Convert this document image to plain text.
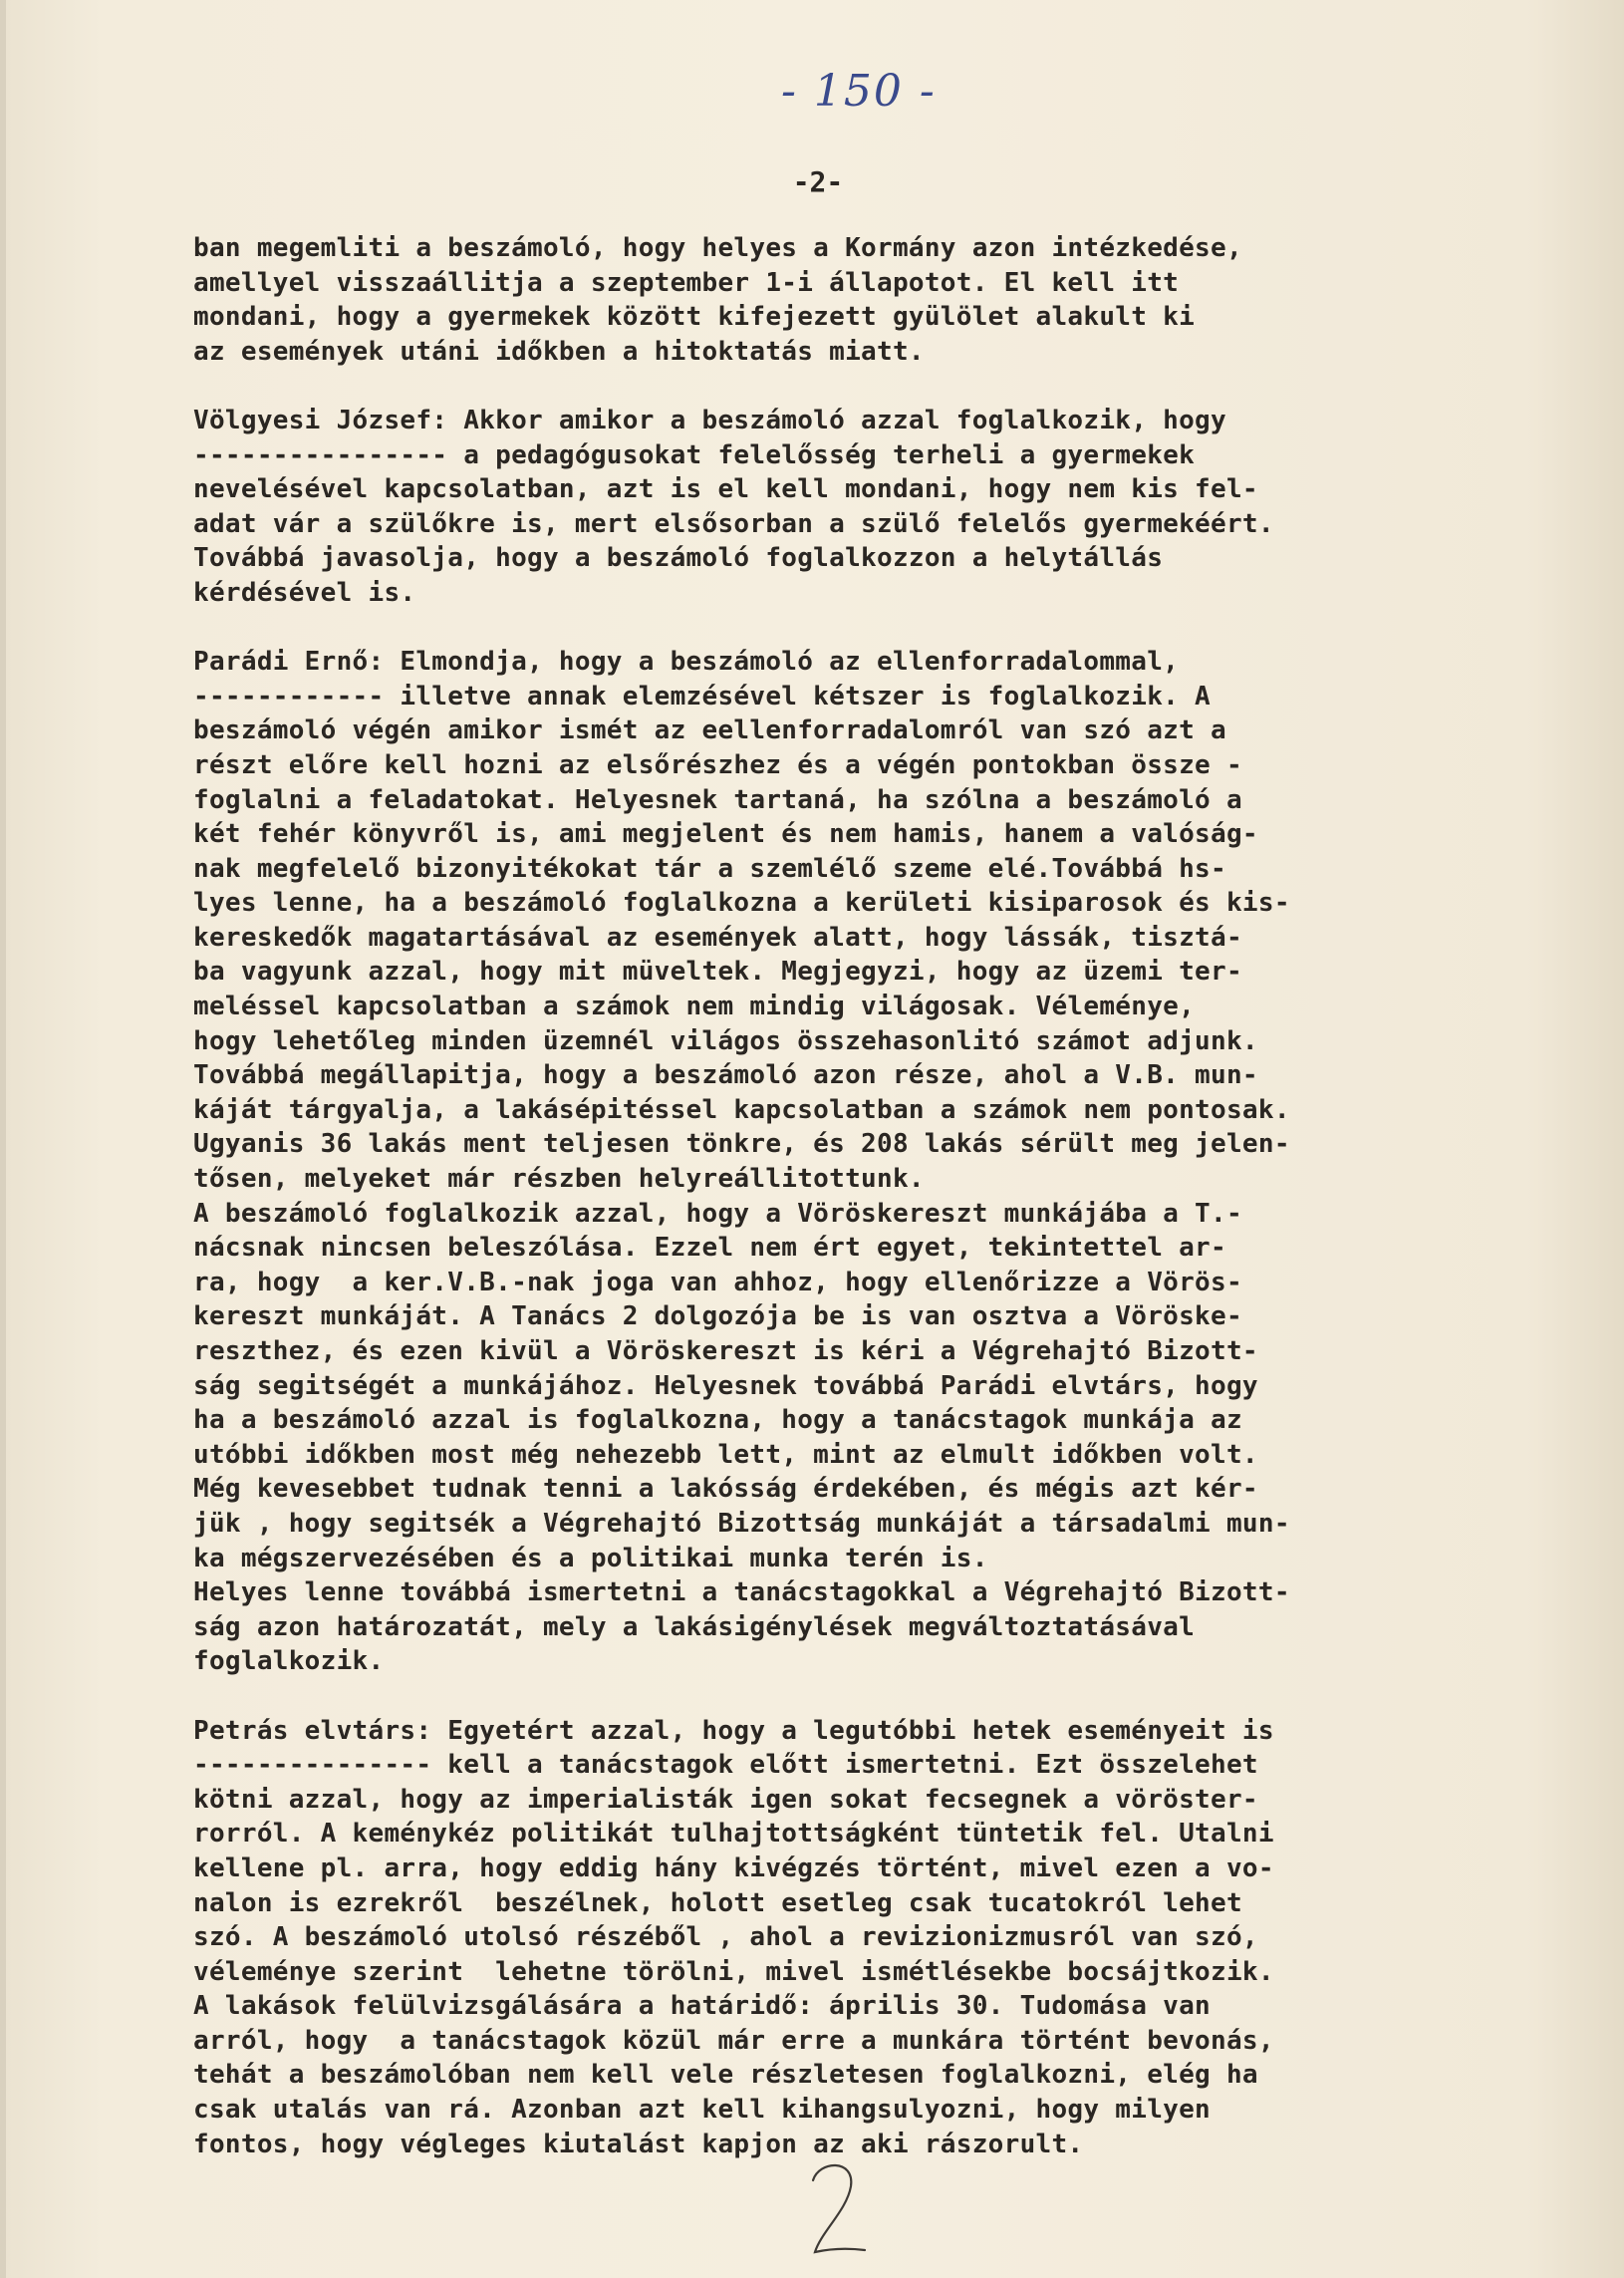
- 150 -
-2-
ban megemliti a beszámoló, hogy helyes a Kormány azon intézkedése,
amellyel visszaállitja a szeptember 1-i állapotot. El kell itt
mondani, hogy a gyermekek között kifejezett gyülölet alakult ki
az események utáni időkben a hitoktatás miatt.
Völgyesi József: Akkor amikor a beszámoló azzal foglalkozik, hogy
---------------- a pedagógusokat felelősség terheli a gyermekek
nevelésével kapcsolatban, azt is el kell mondani, hogy nem kis fel-
adat vár a szülőkre is, mert elsősorban a szülő felelős gyermekéért.
Továbbá javasolja, hogy a beszámoló foglalkozzon a helytállás
kérdésével is.
Parádi Ernő: Elmondja, hogy a beszámoló az ellenforradalommal,
------------ illetve annak elemzésével kétszer is foglalkozik. A
beszámoló végén amikor ismét az eellenforradalomról van szó azt a
részt előre kell hozni az elsőrészhez és a végén pontokban össze -
foglalni a feladatokat. Helyesnek tartaná, ha szólna a beszámoló a
két fehér könyvről is, ami megjelent és nem hamis, hanem a valóság-
nak megfelelő bizonyitékokat tár a szemlélő szeme elé.Továbbá hs-
lyes lenne, ha a beszámoló foglalkozna a kerületi kisiparosok és kis-
kereskedők magatartásával az események alatt, hogy lássák, tisztá-
ba vagyunk azzal, hogy mit müveltek. Megjegyzi, hogy az üzemi ter-
meléssel kapcsolatban a számok nem mindig világosak. Véleménye,
hogy lehetőleg minden üzemnél világos összehasonlitó számot adjunk.
Továbbá megállapitja, hogy a beszámoló azon része, ahol a V.B. mun-
káját tárgyalja, a lakásépitéssel kapcsolatban a számok nem pontosak.
Ugyanis 36 lakás ment teljesen tönkre, és 208 lakás sérült meg jelen-
tősen, melyeket már részben helyreállitottunk.
A beszámoló foglalkozik azzal, hogy a Vöröskereszt munkájába a T.-
nácsnak nincsen beleszólása. Ezzel nem ért egyet, tekintettel ar-
ra, hogy  a ker.V.B.-nak joga van ahhoz, hogy ellenőrizze a Vörös-
kereszt munkáját. A Tanács 2 dolgozója be is van osztva a Vöröske-
reszthez, és ezen kivül a Vöröskereszt is kéri a Végrehajtó Bizott-
ság segitségét a munkájához. Helyesnek továbbá Parádi elvtárs, hogy
ha a beszámoló azzal is foglalkozna, hogy a tanácstagok munkája az
utóbbi időkben most még nehezebb lett, mint az elmult időkben volt.
Még kevesebbet tudnak tenni a lakósság érdekében, és mégis azt kér-
jük , hogy segitsék a Végrehajtó Bizottság munkáját a társadalmi mun-
ka mégszervezésében és a politikai munka terén is.
Helyes lenne továbbá ismertetni a tanácstagokkal a Végrehajtó Bizott-
ság azon határozatát, mely a lakásigénylések megváltoztatásával
foglalkozik.
Petrás elvtárs: Egyetért azzal, hogy a legutóbbi hetek eseményeit is
--------------- kell a tanácstagok előtt ismertetni. Ezt összelehet
kötni azzal, hogy az imperialisták igen sokat fecsegnek a vöröster-
rorról. A keménykéz politikát tulhajtottságként tüntetik fel. Utalni
kellene pl. arra, hogy eddig hány kivégzés történt, mivel ezen a vo-
nalon is ezrekről  beszélnek, holott esetleg csak tucatokról lehet
szó. A beszámoló utolsó részéből , ahol a revizionizmusról van szó,
véleménye szerint  lehetne törölni, mivel ismétlésekbe bocsájtkozik.
A lakások felülvizsgálására a határidő: április 30. Tudomása van
arról, hogy  a tanácstagok közül már erre a munkára történt bevonás,
tehát a beszámolóban nem kell vele részletesen foglalkozni, elég ha
csak utalás van rá. Azonban azt kell kihangsulyozni, hogy milyen
fontos, hogy végleges kiutalást kapjon az aki rászorult.
